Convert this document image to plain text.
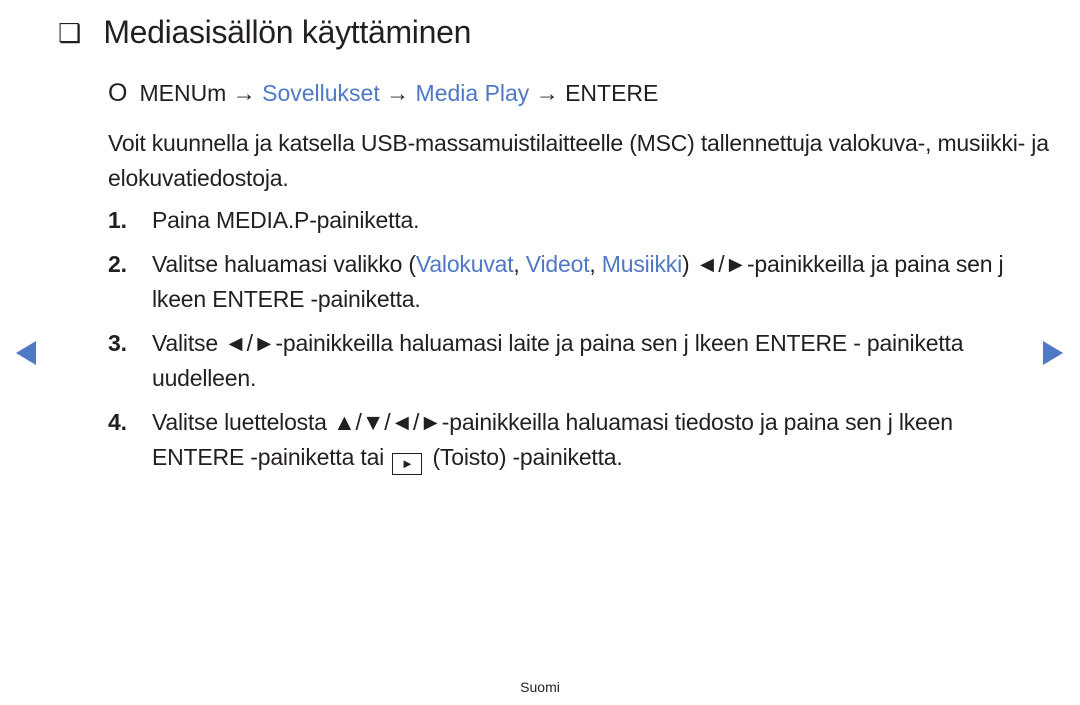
❑ Mediasisällön käyttäminen
O MENUm → Sovellukset → Media Play → ENTERE
Voit kuunnella ja katsella USB-massamuistilaitteelle (MSC) tallennettuja valokuva-, musiikki- ja elokuvatiedostoja.
1.	Paina MEDIA.P-painiketta.
2.	Valitse haluamasi valikko (Valokuvat, Videot, Musiikki) ◄/►-painikkeilla ja paina sen j lkeen ENTERE -painiketta.
3.	Valitse ◄/►-painikkeilla haluamasi laite ja paina sen j lkeen ENTERE - painiketta uudelleen.
4.	Valitse luettelosta ▲/▼/◄/►-painikkeilla haluamasi tiedosto ja paina sen j lkeen ENTERE -painiketta tai ► (Toisto) -painiketta.
Suomi
